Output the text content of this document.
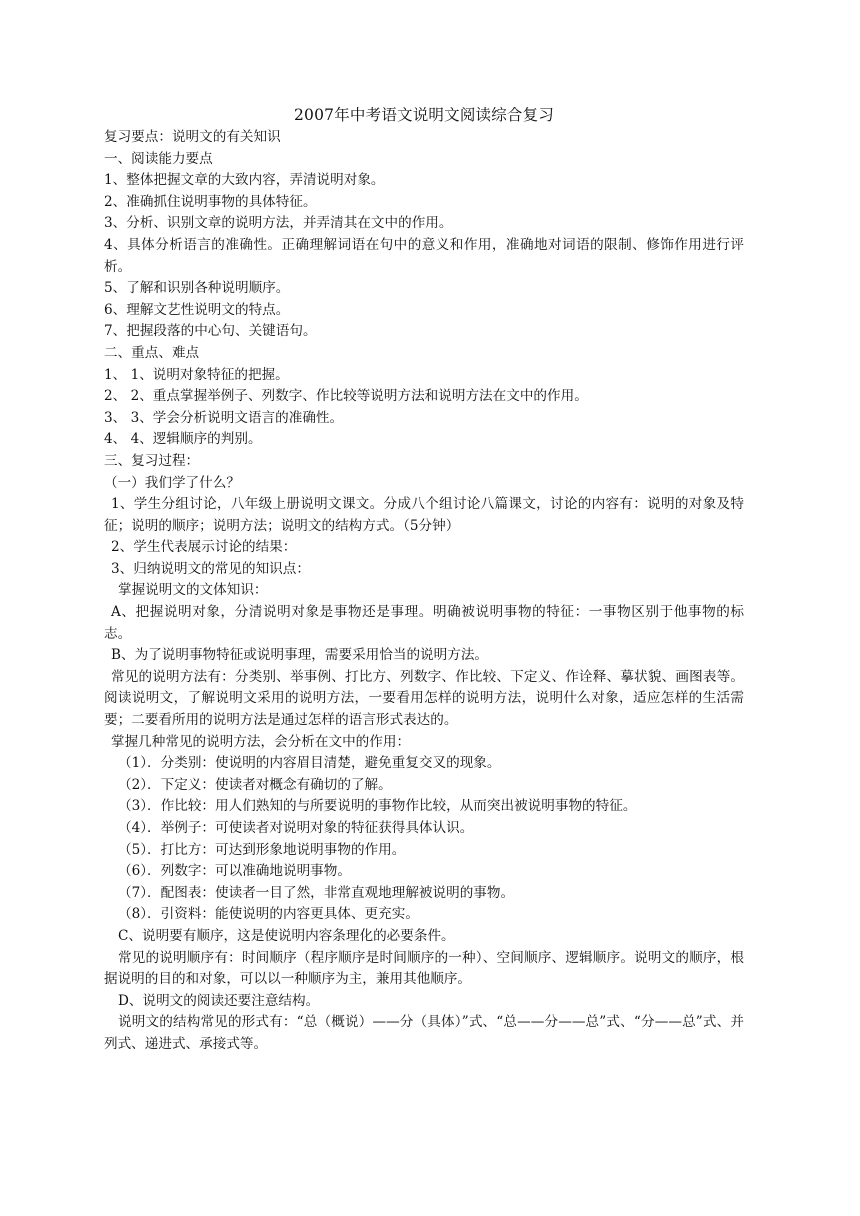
2007年中考语文说明文阅读综合复习

复习要点：说明文的有关知识

一、阅读能力要点

1、整体把握文章的大致内容，弄清说明对象。

2、准确抓住说明事物的具体特征。

3、分析、识别文章的说明方法，并弄清其在文中的作用。

4、具体分析语言的准确性。正确理解词语在句中的意义和作用，准确地对词语的限制、修饰作用进行评析。

5、了解和识别各种说明顺序。

6、理解文艺性说明文的特点。

7、把握段落的中心句、关键语句。

二、重点、难点

1、 1、说明对象特征的把握。

2、 2、重点掌握举例子、列数字、作比较等说明方法和说明方法在文中的作用。

3、 3、学会分析说明文语言的准确性。

4、 4、逻辑顺序的判别。

三、复习过程：

（一）我们学了什么？

1、学生分组讨论，八年级上册说明文课文。分成八个组讨论八篇课文，讨论的内容有：说明的对象及特征；说明的顺序；说明方法；说明文的结构方式。（5分钟）

2、学生代表展示讨论的结果：

3、归纳说明文的常见的知识点：

掌握说明文的文体知识：

A、把握说明对象，分清说明对象是事物还是事理。明确被说明事物的特征：一事物区别于他事物的标志。

B、为了说明事物特征或说明事理，需要采用恰当的说明方法。

常见的说明方法有：分类别、举事例、打比方、列数字、作比较、下定义、作诠释、摹状貌、画图表等。阅读说明文，了解说明文采用的说明方法，一要看用怎样的说明方法，说明什么对象，适应怎样的生活需要；二要看所用的说明方法是通过怎样的语言形式表达的。

掌握几种常见的说明方法，会分析在文中的作用：

（1）．分类别：使说明的内容眉目清楚，避免重复交叉的现象。

（2）．下定义：使读者对概念有确切的了解。

（3）．作比较：用人们熟知的与所要说明的事物作比较，从而突出被说明事物的特征。

（4）．举例子：可使读者对说明对象的特征获得具体认识。

（5）．打比方：可达到形象地说明事物的作用。

（6）．列数字：可以准确地说明事物。

（7）．配图表：使读者一目了然，非常直观地理解被说明的事物。

（8）．引资料：能使说明的内容更具体、更充实。

C、说明要有顺序，这是使说明内容条理化的必要条件。

常见的说明顺序有：时间顺序（程序顺序是时间顺序的一种）、空间顺序、逻辑顺序。说明文的顺序，根据说明的目的和对象，可以以一种顺序为主，兼用其他顺序。

D、说明文的阅读还要注意结构。

说明文的结构常见的形式有：“总（概说）——分（具体）”式、“总——分——总”式、“分——总”式、并列式、递进式、承接式等。
